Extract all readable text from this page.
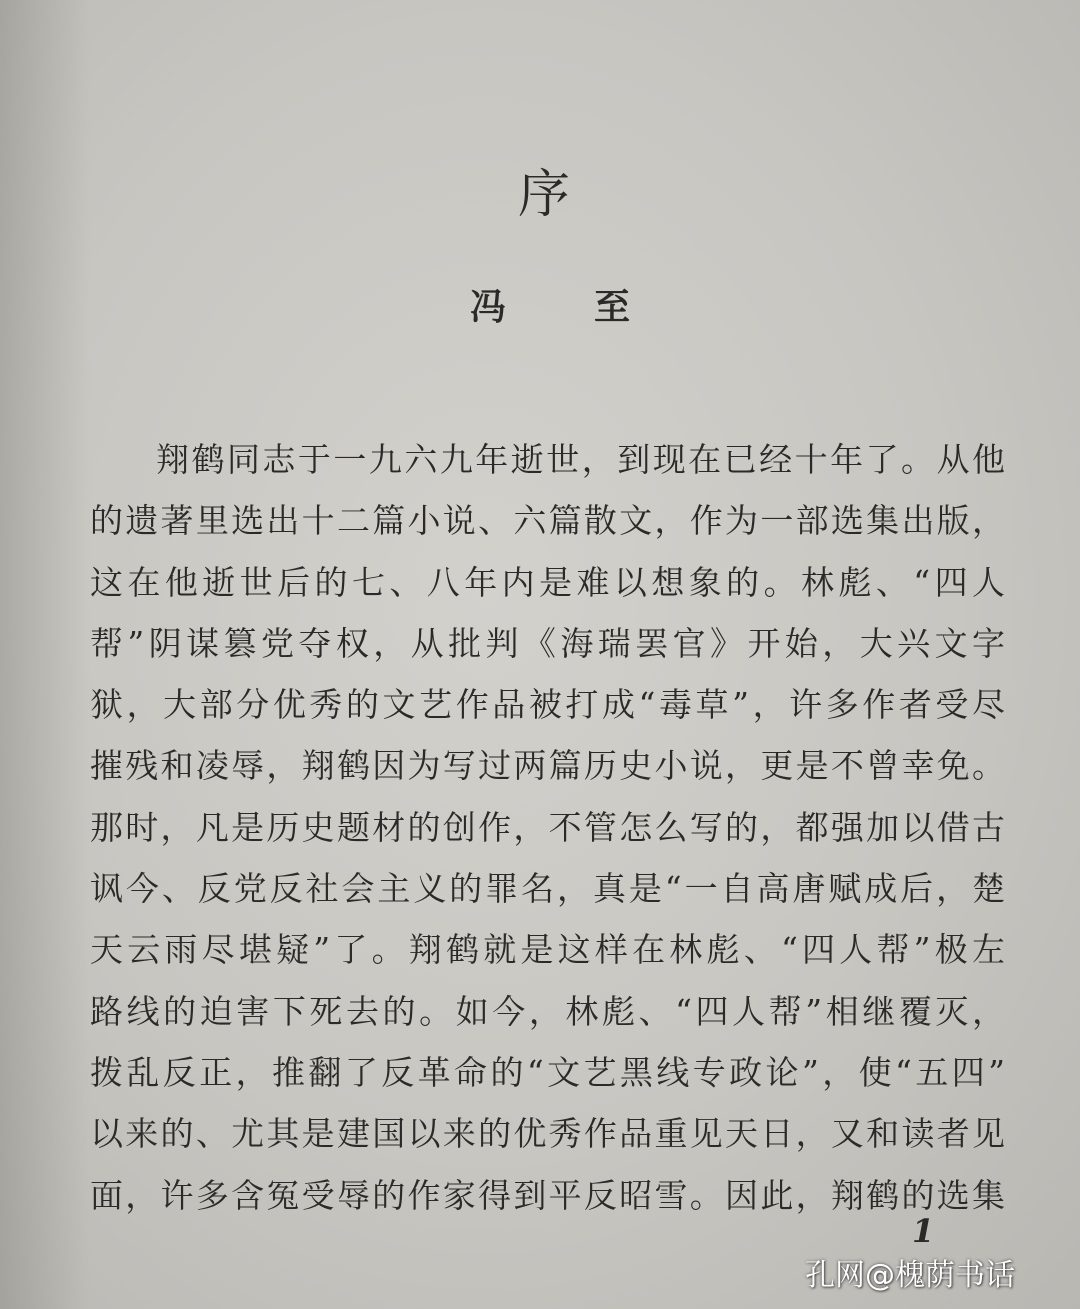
序
冯 至
翔鹤同志于一九六九年逝世，到现在已经十年了。从他
的遗著里选出十二篇小说、六篇散文，作为一部选集出版，
这在他逝世后的七、八年内是难以想象的。林彪、“四人
帮”阴谋篡党夺权，从批判《海瑞罢官》开始，大兴文字
狱，大部分优秀的文艺作品被打成“毒草”，许多作者受尽
摧残和凌辱，翔鹤因为写过两篇历史小说，更是不曾幸免。
那时，凡是历史题材的创作，不管怎么写的，都强加以借古
讽今、反党反社会主义的罪名，真是“一自高唐赋成后，楚
天云雨尽堪疑”了。翔鹤就是这样在林彪、“四人帮”极左
路线的迫害下死去的。如今，林彪、“四人帮”相继覆灭，
拨乱反正，推翻了反革命的“文艺黑线专政论”，使“五四”
以来的、尤其是建国以来的优秀作品重见天日，又和读者见
面，许多含冤受辱的作家得到平反昭雪。因此，翔鹤的选集
1
孔网@槐荫书话
